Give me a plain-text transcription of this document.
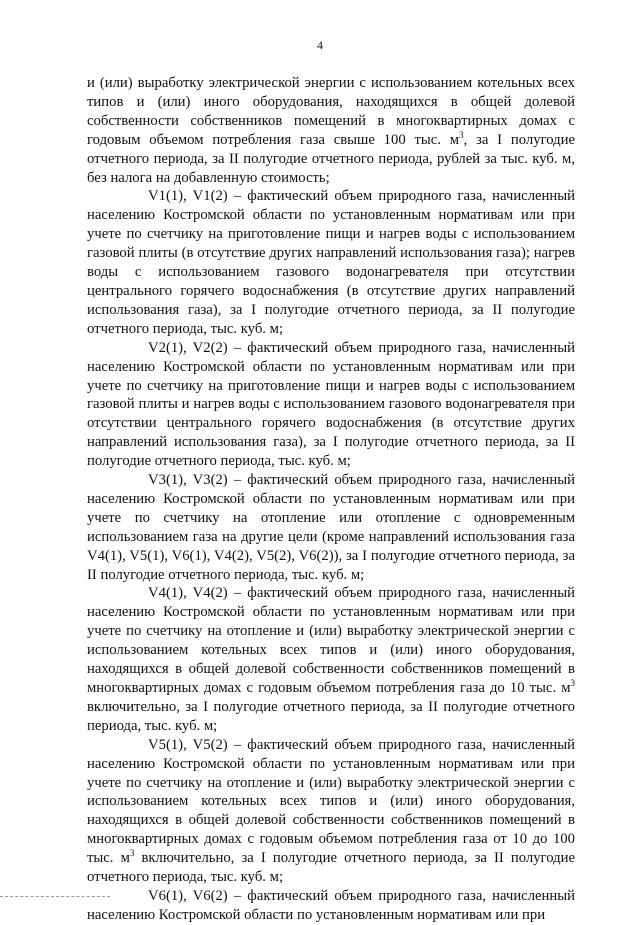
4

и (или) выработку электрической энергии с использованием котельных всех типов и (или) иного оборудования, находящихся в общей долевой собственности собственников помещений в многоквартирных домах с годовым объемом потребления газа свыше 100 тыс. $м^3$, за I полугодие отчетного периода, за II полугодие отчетного периода, рублей за тыс. куб. м, без налога на добавленную стоимость;

V1(1), V1(2) – фактический объем природного газа, начисленный населению Костромской области по установленным нормативам или при учете по счетчику на приготовление пищи и нагрев воды с использованием газовой плиты (в отсутствие других направлений использования газа); нагрев воды с использованием газового водонагревателя при отсутствии центрального горячего водоснабжения (в отсутствие других направлений использования газа), за I полугодие отчетного периода, за II полугодие отчетного периода, тыс. куб. м;

V2(1), V2(2) – фактический объем природного газа, начисленный населению Костромской области по установленным нормативам или при учете по счетчику на приготовление пищи и нагрев воды с использованием газовой плиты и нагрев воды с использованием газового водонагревателя при отсутствии центрального горячего водоснабжения (в отсутствие других направлений использования газа), за I полугодие отчетного периода, за II полугодие отчетного периода, тыс. куб. м;

V3(1), V3(2) – фактический объем природного газа, начисленный населению Костромской области по установленным нормативам или при учете по счетчику на отопление или отопление с одновременным использованием газа на другие цели (кроме направлений использования газа V4(1), V5(1), V6(1), V4(2), V5(2), V6(2)), за I полугодие отчетного периода, за II полугодие отчетного периода, тыс. куб. м;

V4(1), V4(2) – фактический объем природного газа, начисленный населению Костромской области по установленным нормативам или при учете по счетчику на отопление и (или) выработку электрической энергии с использованием котельных всех типов и (или) иного оборудования, находящихся в общей долевой собственности собственников помещений в многоквартирных домах с годовым объемом потребления газа до 10 тыс. $м^3$ включительно, за I полугодие отчетного периода, за II полугодие отчетного периода, тыс. куб. м;

V5(1), V5(2) – фактический объем природного газа, начисленный населению Костромской области по установленным нормативам или при учете по счетчику на отопление и (или) выработку электрической энергии с использованием котельных всех типов и (или) иного оборудования, находящихся в общей долевой собственности собственников помещений в многоквартирных домах с годовым объемом потребления газа от 10 до 100 тыс. $м^3$ включительно, за I полугодие отчетного периода, за II полугодие отчетного периода, тыс. куб. м;

V6(1), V6(2) – фактический объем природного газа, начисленный населению Костромской области по установленным нормативам или при
